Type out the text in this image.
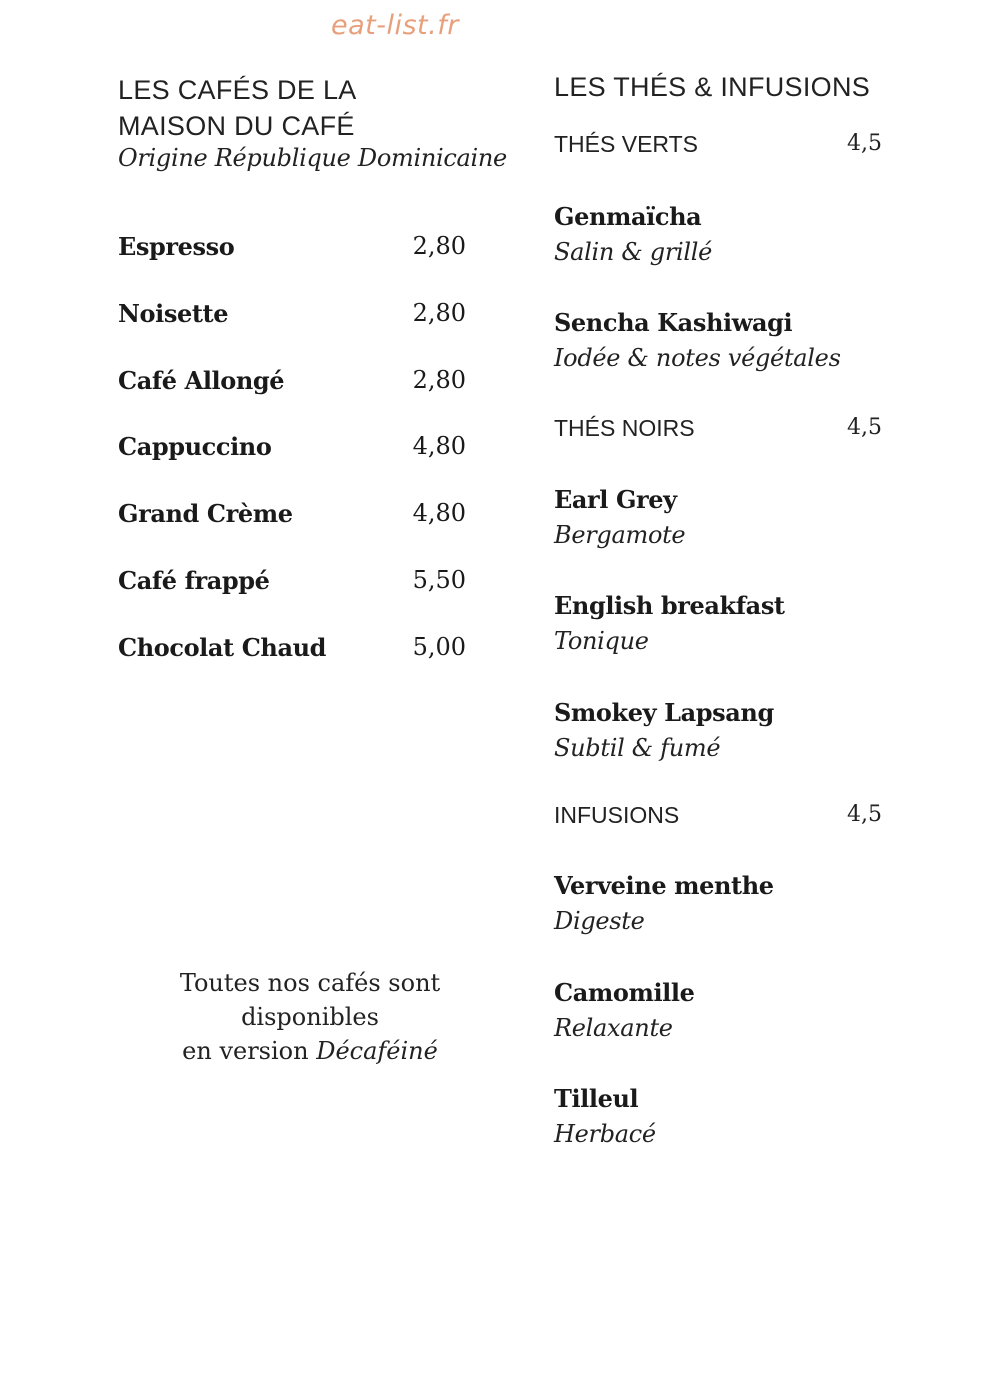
eat-list.fr
LES CAFÉS DE LA
MAISON DU CAFÉ
Origine République Dominicaine
Espresso	2,80
Noisette	2,80
Café Allongé	2,80
Cappuccino	4,80
Grand Crème	4,80
Café frappé	5,50
Chocolat Chaud	5,00
Toutes nos cafés sont
disponibles
en version Décaféiné
LES THÉS & INFUSIONS
THÉS VERTS	4,5
Genmaïcha
Salin & grillé
Sencha Kashiwagi
Iodée & notes végétales
THÉS NOIRS	4,5
Earl Grey
Bergamote
English breakfast
Tonique
Smokey Lapsang
Subtil & fumé
INFUSIONS	4,5
Verveine menthe
Digeste
Camomille
Relaxante
Tilleul
Herbacé
